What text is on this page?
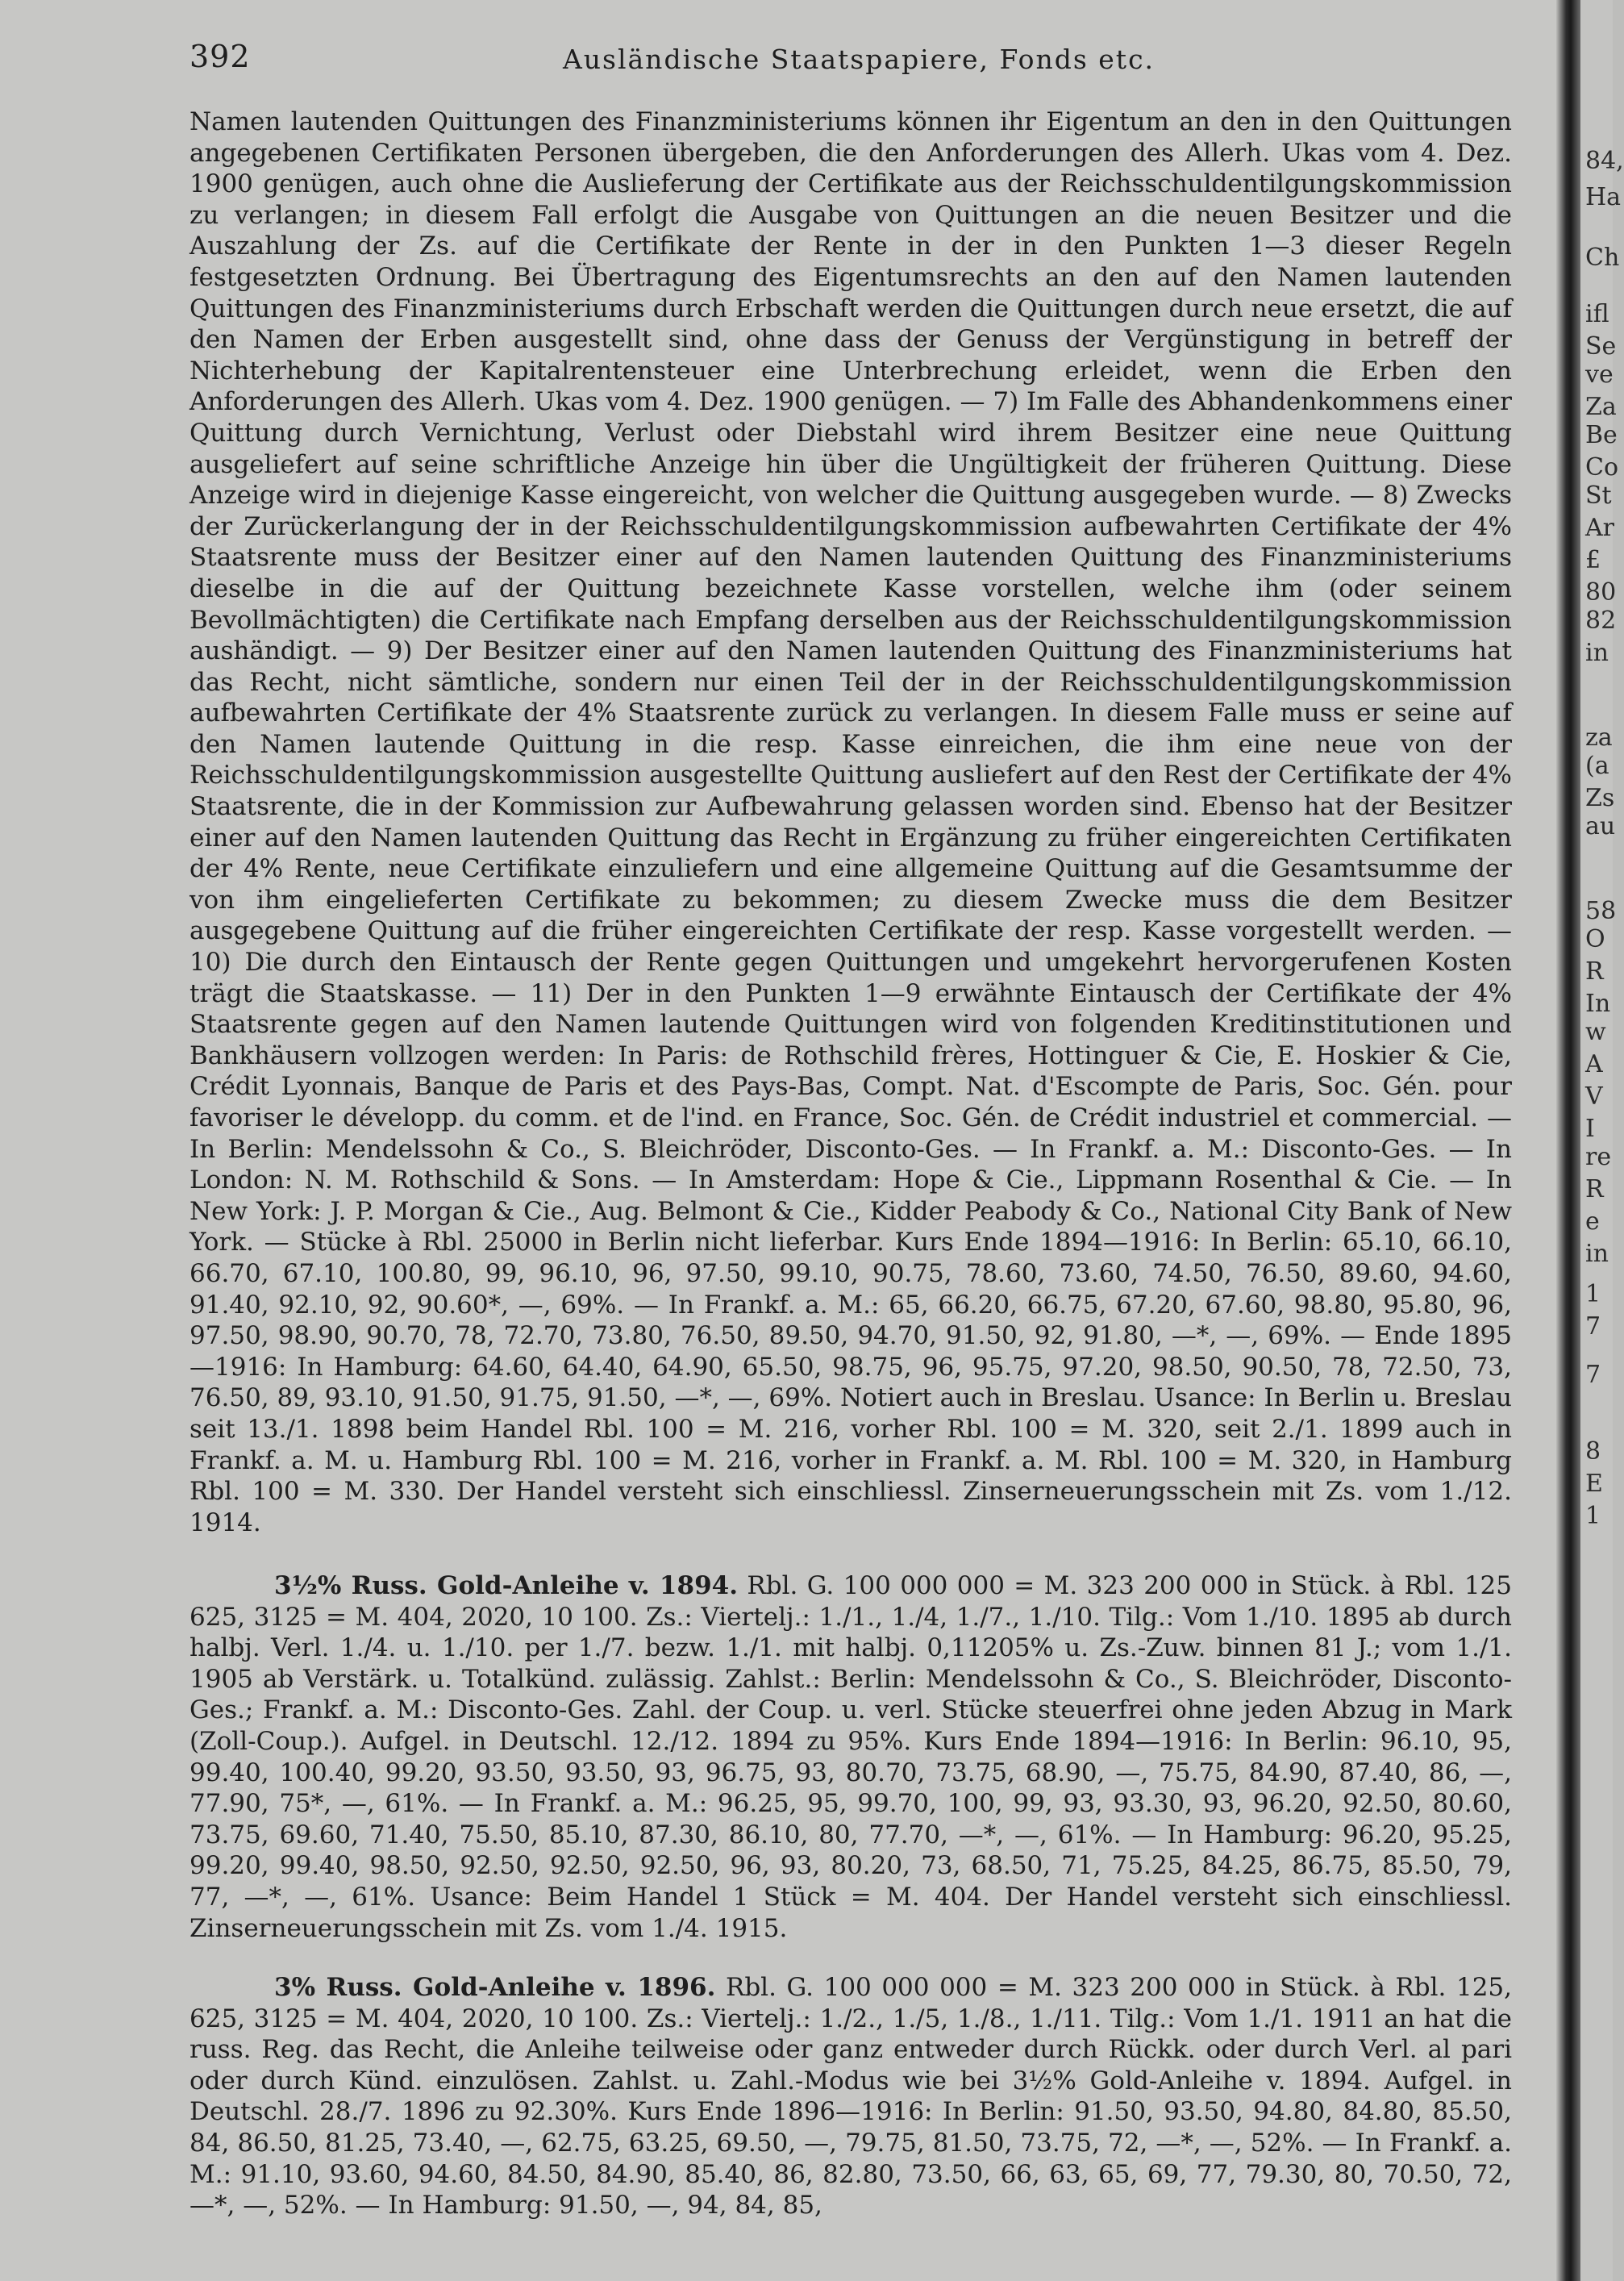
392	Ausländische Staatspapiere, Fonds etc.

Namen lautenden Quittungen des Finanzministeriums können ihr Eigentum an den in den Quittungen angegebenen Certifikaten Personen übergeben, die den Anforderungen des Allerh. Ukas vom 4. Dez. 1900 genügen, auch ohne die Auslieferung der Certifikate aus der Reichsschuldentilgungskommission zu verlangen; in diesem Fall erfolgt die Ausgabe von Quittungen an die neuen Besitzer und die Auszahlung der Zs. auf die Certifikate der Rente in der in den Punkten 1—3 dieser Regeln festgesetzten Ordnung. Bei Übertragung des Eigentumsrechts an den auf den Namen lautenden Quittungen des Finanzministeriums durch Erbschaft werden die Quittungen durch neue ersetzt, die auf den Namen der Erben ausgestellt sind, ohne dass der Genuss der Vergünstigung in betreff der Nichterhebung der Kapitalrentensteuer eine Unterbrechung erleidet, wenn die Erben den Anforderungen des Allerh. Ukas vom 4. Dez. 1900 genügen. — 7) Im Falle des Abhandenkommens einer Quittung durch Vernichtung, Verlust oder Diebstahl wird ihrem Besitzer eine neue Quittung ausgeliefert auf seine schriftliche Anzeige hin über die Ungültigkeit der früheren Quittung. Diese Anzeige wird in diejenige Kasse eingereicht, von welcher die Quittung ausgegeben wurde. — 8) Zwecks der Zurückerlangung der in der Reichsschuldentilgungskommission aufbewahrten Certifikate der 4% Staatsrente muss der Besitzer einer auf den Namen lautenden Quittung des Finanzministeriums dieselbe in die auf der Quittung bezeichnete Kasse vorstellen, welche ihm (oder seinem Bevollmächtigten) die Certifikate nach Empfang derselben aus der Reichsschuldentilgungskommission aushändigt. — 9) Der Besitzer einer auf den Namen lautenden Quittung des Finanzministeriums hat das Recht, nicht sämtliche, sondern nur einen Teil der in der Reichsschuldentilgungskommission aufbewahrten Certifikate der 4% Staatsrente zurück zu verlangen. In diesem Falle muss er seine auf den Namen lautende Quittung in die resp. Kasse einreichen, die ihm eine neue von der Reichsschuldentilgungskommission ausgestellte Quittung ausliefert auf den Rest der Certifikate der 4% Staatsrente, die in der Kommission zur Aufbewahrung gelassen worden sind. Ebenso hat der Besitzer einer auf den Namen lautenden Quittung das Recht in Ergänzung zu früher eingereichten Certifikaten der 4% Rente, neue Certifikate einzuliefern und eine allgemeine Quittung auf die Gesamtsumme der von ihm eingelieferten Certifikate zu bekommen; zu diesem Zwecke muss die dem Besitzer ausgegebene Quittung auf die früher eingereichten Certifikate der resp. Kasse vorgestellt werden. — 10) Die durch den Eintausch der Rente gegen Quittungen und umgekehrt hervorgerufenen Kosten trägt die Staatskasse. — 11) Der in den Punkten 1—9 erwähnte Eintausch der Certifikate der 4% Staatsrente gegen auf den Namen lautende Quittungen wird von folgenden Kreditinstitutionen und Bankhäusern vollzogen werden: In Paris: de Rothschild frères, Hottinguer & Cie, E. Hoskier & Cie, Crédit Lyonnais, Banque de Paris et des Pays-Bas, Compt. Nat. d'Escompte de Paris, Soc. Gén. pour favoriser le développ. du comm. et de l'ind. en France, Soc. Gén. de Crédit industriel et commercial. — In Berlin: Mendelssohn & Co., S. Bleichröder, Disconto-Ges. — In Frankf. a. M.: Disconto-Ges. — In London: N. M. Rothschild & Sons. — In Amsterdam: Hope & Cie., Lippmann Rosenthal & Cie. — In New York: J. P. Morgan & Cie., Aug. Belmont & Cie., Kidder Peabody & Co., National City Bank of New York. — Stücke à Rbl. 25000 in Berlin nicht lieferbar. Kurs Ende 1894—1916: In Berlin: 65.10, 66.10, 66.70, 67.10, 100.80, 99, 96.10, 96, 97.50, 99.10, 90.75, 78.60, 73.60, 74.50, 76.50, 89.60, 94.60, 91.40, 92.10, 92, 90.60*, —, 69%. — In Frankf. a. M.: 65, 66.20, 66.75, 67.20, 67.60, 98.80, 95.80, 96, 97.50, 98.90, 90.70, 78, 72.70, 73.80, 76.50, 89.50, 94.70, 91.50, 92, 91.80, —*, —, 69%. — Ende 1895—1916: In Hamburg: 64.60, 64.40, 64.90, 65.50, 98.75, 96, 95.75, 97.20, 98.50, 90.50, 78, 72.50, 73, 76.50, 89, 93.10, 91.50, 91.75, 91.50, —*, —, 69%. Notiert auch in Breslau. Usance: In Berlin u. Breslau seit 13./1. 1898 beim Handel Rbl. 100 = M. 216, vorher Rbl. 100 = M. 320, seit 2./1. 1899 auch in Frankf. a. M. u. Hamburg Rbl. 100 = M. 216, vorher in Frankf. a. M. Rbl. 100 = M. 320, in Hamburg Rbl. 100 = M. 330. Der Handel versteht sich einschliessl. Zinserneuerungsschein mit Zs. vom 1./12. 1914.

3½% Russ. Gold-Anleihe v. 1894. Rbl. G. 100 000 000 = M. 323 200 000 in Stück. à Rbl. 125 625, 3125 = M. 404, 2020, 10 100. Zs.: Viertelj.: 1./1., 1./4, 1./7., 1./10. Tilg.: Vom 1./10. 1895 ab durch halbj. Verl. 1./4. u. 1./10. per 1./7. bezw. 1./1. mit halbj. 0,11205% u. Zs.-Zuw. binnen 81 J.; vom 1./1. 1905 ab Verstärk. u. Totalkünd. zulässig. Zahlst.: Berlin: Mendelssohn & Co., S. Bleichröder, Disconto-Ges.; Frankf. a. M.: Disconto-Ges. Zahl. der Coup. u. verl. Stücke steuerfrei ohne jeden Abzug in Mark (Zoll-Coup.). Aufgel. in Deutschl. 12./12. 1894 zu 95%. Kurs Ende 1894—1916: In Berlin: 96.10, 95, 99.40, 100.40, 99.20, 93.50, 93.50, 93, 96.75, 93, 80.70, 73.75, 68.90, —, 75.75, 84.90, 87.40, 86, —, 77.90, 75*, —, 61%. — In Frankf. a. M.: 96.25, 95, 99.70, 100, 99, 93, 93.30, 93, 96.20, 92.50, 80.60, 73.75, 69.60, 71.40, 75.50, 85.10, 87.30, 86.10, 80, 77.70, —*, —, 61%. — In Hamburg: 96.20, 95.25, 99.20, 99.40, 98.50, 92.50, 92.50, 92.50, 96, 93, 80.20, 73, 68.50, 71, 75.25, 84.25, 86.75, 85.50, 79, 77, —*, —, 61%. Usance: Beim Handel 1 Stück = M. 404. Der Handel versteht sich einschliessl. Zinserneuerungsschein mit Zs. vom 1./4. 1915.

3% Russ. Gold-Anleihe v. 1896. Rbl. G. 100 000 000 = M. 323 200 000 in Stück. à Rbl. 125, 625, 3125 = M. 404, 2020, 10 100. Zs.: Viertelj.: 1./2., 1./5, 1./8., 1./11. Tilg.: Vom 1./1. 1911 an hat die russ. Reg. das Recht, die Anleihe teilweise oder ganz entweder durch Rückk. oder durch Verl. al pari oder durch Künd. einzulösen. Zahlst. u. Zahl.-Modus wie bei 3½% Gold-Anleihe v. 1894. Aufgel. in Deutschl. 28./7. 1896 zu 92.30%. Kurs Ende 1896—1916: In Berlin: 91.50, 93.50, 94.80, 84.80, 85.50, 84, 86.50, 81.25, 73.40, —, 62.75, 63.25, 69.50, —, 79.75, 81.50, 73.75, 72, —*, —, 52%. — In Frankf. a. M.: 91.10, 93.60, 94.60, 84.50, 84.90, 85.40, 86, 82.80, 73.50, 66, 63, 65, 69, 77, 79.30, 80, 70.50, 72, —*, —, 52%. — In Hamburg: 91.50, —, 94, 84, 85,

84,
Ha
Ch
ifl
Se
ve
Za
Be
Co
St
Ar
£
80
82
in
za
(a
Zs
au
58
O
R
In
w
A
V
I
re
R
e
in
1
7
7
8
E
1
